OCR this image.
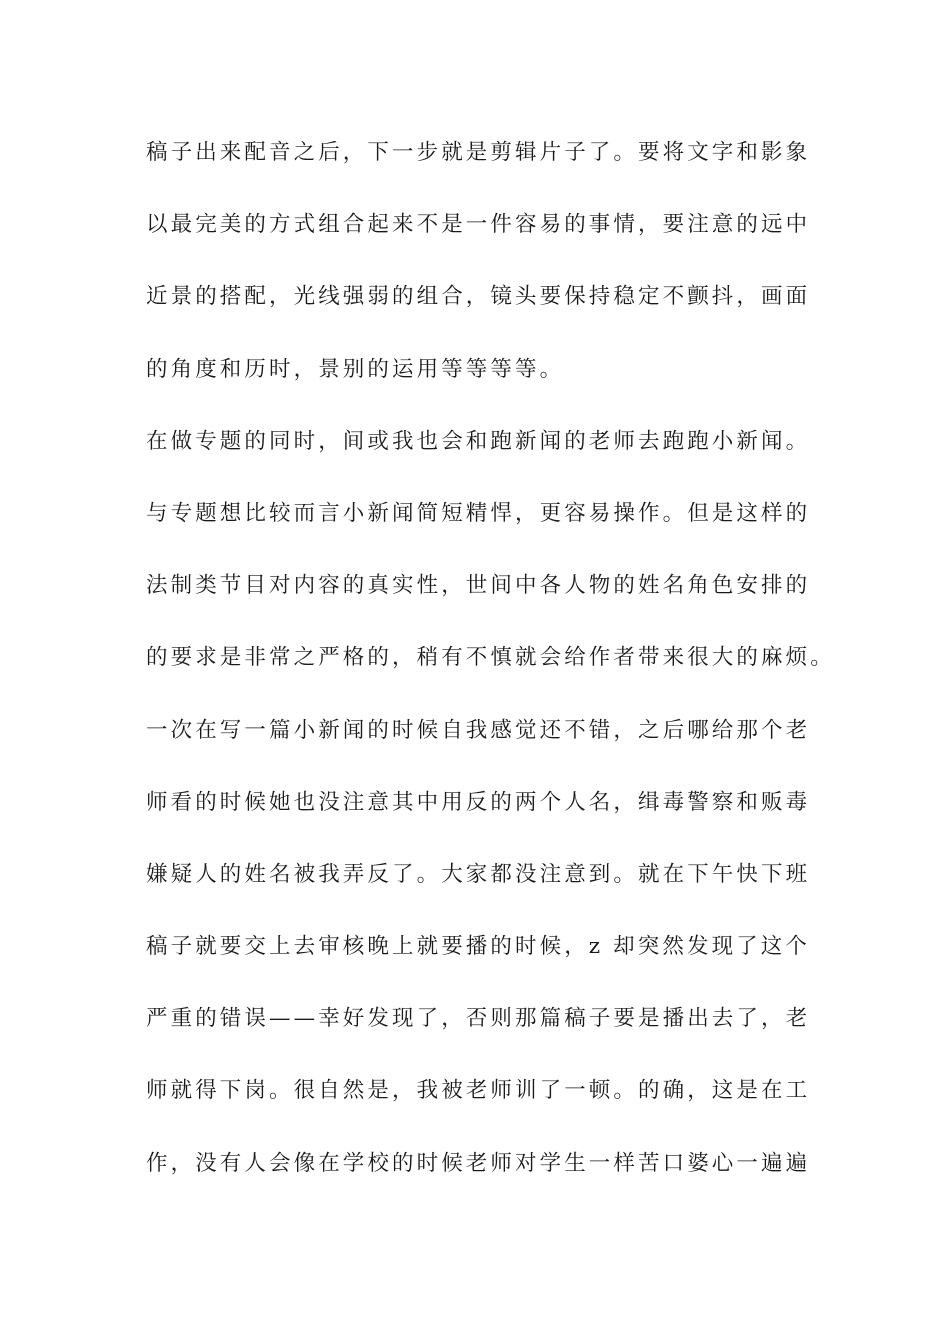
稿子出来配音之后，下一步就是剪辑片子了。要将文字和影象
以最完美的方式组合起来不是一件容易的事情，要注意的远中
近景的搭配，光线强弱的组合，镜头要保持稳定不颤抖，画面
的角度和历时，景别的运用等等等等。
在做专题的同时，间或我也会和跑新闻的老师去跑跑小新闻。
与专题想比较而言小新闻简短精悍，更容易操作。但是这样的
法制类节目对内容的真实性，世间中各人物的姓名角色安排的
的要求是非常之严格的，稍有不慎就会给作者带来很大的麻烦。
一次在写一篇小新闻的时候自我感觉还不错，之后哪给那个老
师看的时候她也没注意其中用反的两个人名，缉毒警察和贩毒
嫌疑人的姓名被我弄反了。大家都没注意到。就在下午快下班
稿子就要交上去审核晚上就要播的时候，z 却突然发现了这个
严重的错误——幸好发现了，否则那篇稿子要是播出去了，老
师就得下岗。很自然是，我被老师训了一顿。的确，这是在工
作，没有人会像在学校的时候老师对学生一样苦口婆心一遍遍
